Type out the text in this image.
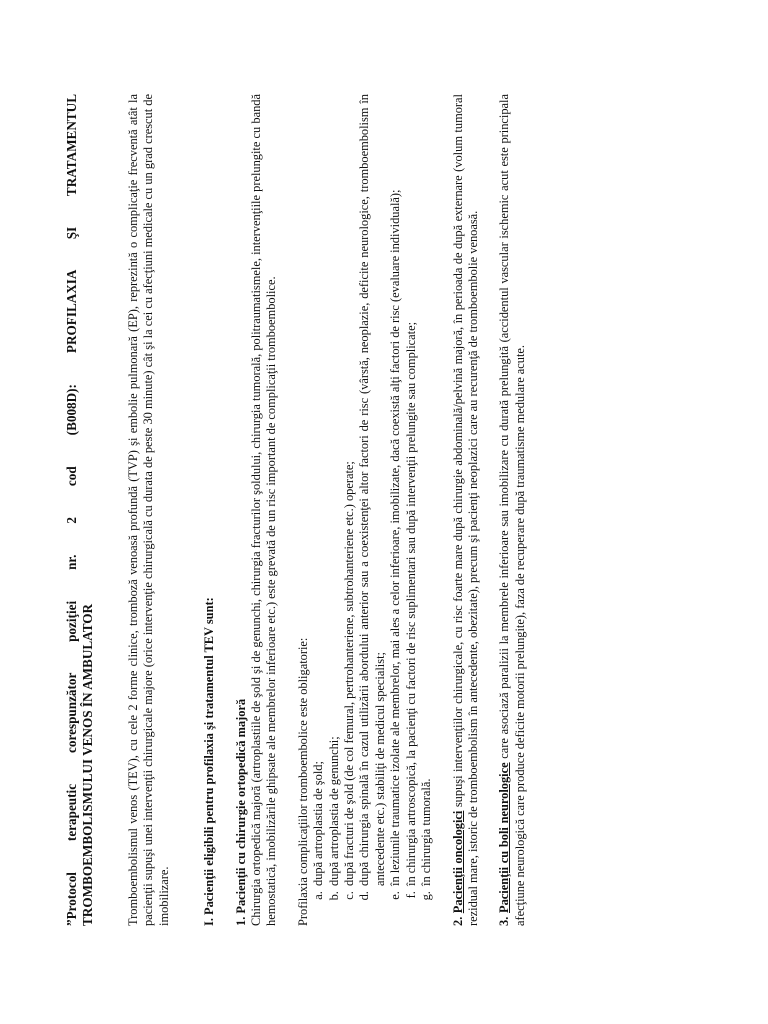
”Protocol terapeutic corespunzător poziţiei nr. 2 cod (B008D): PROFILAXIA ŞI TRATAMENTUL TROMBOEMBOLISMULUI VENOS ÎN AMBULATOR	Tromboembolismul venos (TEV), cu cele 2 forme clinice, tromboză venoasă profundă (TVP) şi embolie pulmonară (EP), reprezintă o complicaţie frecventă atât la pacienţii supuşi unei intervenţii chirurgicale majore (orice intervenţie chirurgicală cu durata de peste 30 minute) cât şi la cei cu afecţiuni medicale cu un grad crescut de imobilizare.	I. Pacienţii eligibili pentru profilaxia şi tratamentul TEV sunt: 1. Pacienţii cu chirurgie ortopedică majoră Chirurgia ortopedică majoră (artroplastiile de şold şi de genunchi, chirurgia fracturilor şoldului, chirurgia tumorală, politraumatismele, intervenţiile prelungite cu bandă hemostatică, imobilizările ghipsate ale membrelor inferioare etc.) este grevată de un risc important de complicaţii tromboembolice. Profilaxia complicaţiilor tromboembolice este obligatorie: a. după artroplastia de şold; b. după artroplastia de genunchi; c. după fracturi de şold (de col femural, pertrohanteriene, subtrohanteriene etc.) operate; d. după chirurgia spinală în cazul utilizării abordului anterior sau a coexistenţei altor factori de risc (vârstă, neoplazie, deficite neurologice, tromboembolism în antecedente etc.) stabiliţi de medicul specialist; e. în leziunile traumatice izolate ale membrelor, mai ales a celor inferioare, imobilizate, dacă coexistă alţi factori de risc (evaluare individuală); f. în chirurgia artroscopică, la pacienţi cu factori de risc suplimentari sau după intervenţii prelungite sau complicate; g. în chirurgia tumorală.

2. Pacienţii oncologici supuşi intervenţiilor chirurgicale, cu risc foarte mare după chirurgie abdominală/pelvină majoră, în perioada de după externare (volum tumoral rezidual mare, istoric de tromboembolism în antecedente, obezitate), precum şi pacienţi neoplazici care au recurenţă de tromboembolie venoasă. 3. Pacienţii cu boli neurologice care asociază paralizii la membrele inferioare sau imobilizare cu durată prelungită (accidentul vascular ischemic acut este principala afecţiune neurologică care produce deficite motorii prelungite), faza de recuperare după traumatisme medulare acute.
